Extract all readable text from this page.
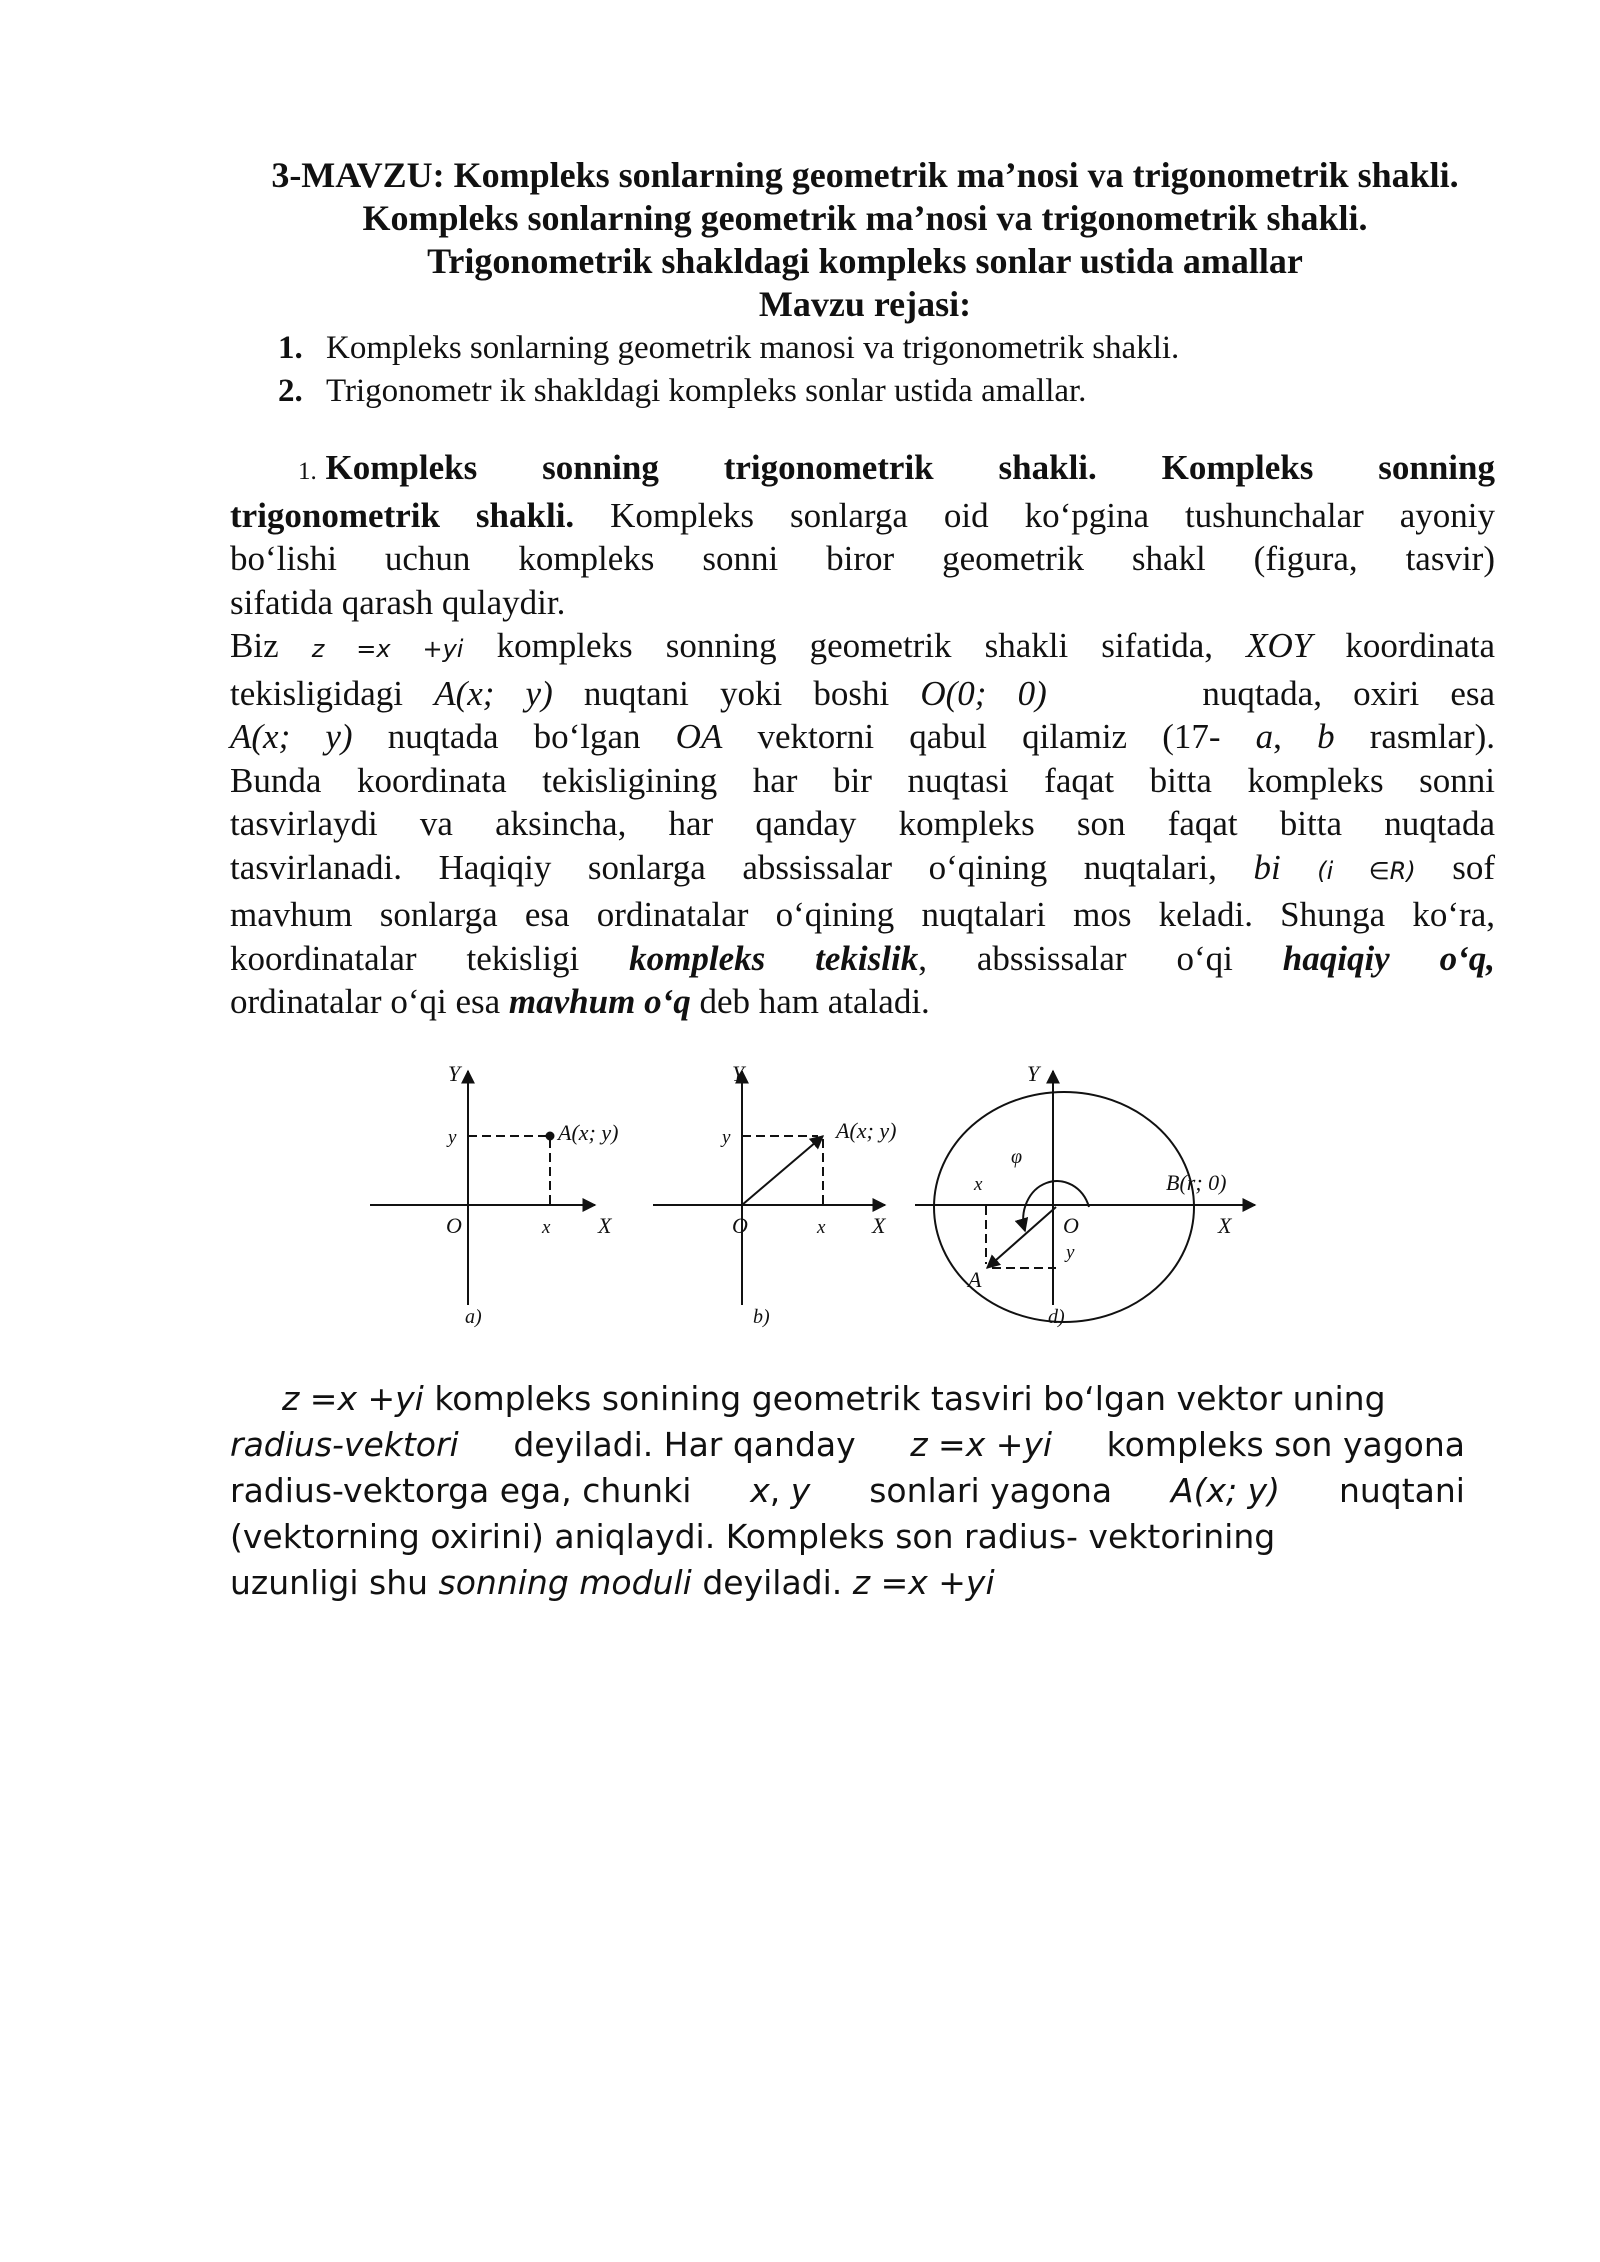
3-MAVZU: Kompleks sonlarning geometrik ma’nosi va trigonometrik shakli.
Kompleks sonlarning geometrik ma’nosi va trigonometrik shakli.
Trigonometrik shakldagi kompleks sonlar ustida amallar
Mavzu rejasi:
1. Kompleks sonlarning geometrik manosi va trigonometrik shakli.
2. Trigonometr ik shakldagi kompleks sonlar ustida amallar.
1. Kompleks sonning trigonometrik shakli. Kompleks sonning
trigonometrik shakli. Kompleks sonlarga oid ko‘pgina tushunchalar ayoniy
bo‘lishi uchun kompleks sonni biror geometrik shakl (figura, tasvir)
sifatida qarash qulaydir.
Biz z =x +yi kompleks sonning geometrik shakli sifatida, XOY koordinata
tekisligidagi A(x; y) nuqtani yoki boshi O(0; 0)	nuqtada, oxiri esa
A(x; y) nuqtada bo‘lgan OA vektorni qabul qilamiz (17- a, b rasmlar).
Bunda koordinata tekisligining har bir nuqtasi faqat bitta kompleks sonni
tasvirlaydi va aksincha, har qanday kompleks son faqat bitta nuqtada
tasvirlanadi. Haqiqiy sonlarga abssissalar o‘qining nuqtalari, bi (i ∈R) sof
mavhum sonlarga esa ordinatalar o‘qining nuqtalari mos keladi. Shunga ko‘ra,
koordinatalar tekisligi kompleks tekislik, abssissalar o‘qi haqiqiy o‘q,
ordinatalar o‘qi esa mavhum o‘q deb ham ataladi.
Y
y	A(x; y)
O	x X
a)
Y
y	A(x; y)
O	x X
b)
Y
φ
x	B(r; 0)
O	X
y
A
d)
z =x +yi kompleks sonining geometrik tasviri bo‘lgan vektor uning
radius-vektori deyiladi. Har qanday z =x +yi kompleks son yagona
radius-vektorga ega, chunki x, y sonlari yagona A(x; y) nuqtani
(vektorning oxirini) aniqlaydi. Kompleks son radius- vektorining
uzunligi shu sonning moduli deyiladi. z =x +yi
